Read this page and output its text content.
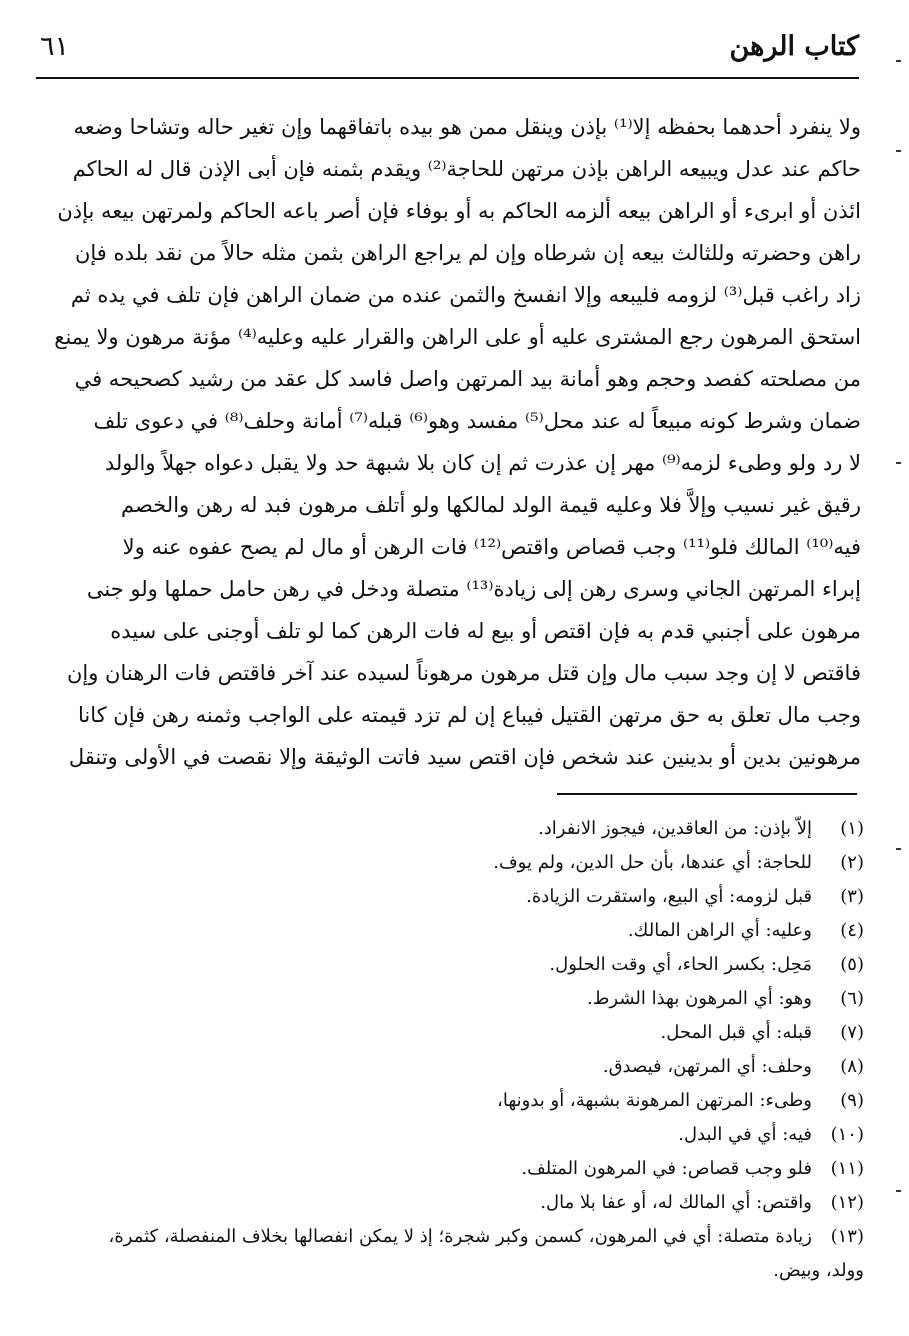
٦١	كتاب الرهن
ولا ينفرد أحدهما بحفظه إلا⁽¹⁾ بإذن وينقل ممن هو بيده باتفاقهما وإن تغير حاله وتشاحا وضعه
حاكم عند عدل ويبيعه الراهن بإذن مرتهن للحاجة⁽²⁾ ويقدم بثمنه فإن أبى الإذن قال له الحاكم
ائذن أو ابرىء أو الراهن بيعه ألزمه الحاكم به أو بوفاء فإن أصر باعه الحاكم ولمرتهن بيعه بإذن
راهن وحضرته وللثالث بيعه إن شرطاه وإن لم يراجع الراهن بثمن مثله حالاً من نقد بلده فإن
زاد راغب قبل⁽³⁾ لزومه فليبعه وإلا انفسخ والثمن عنده من ضمان الراهن فإن تلف في يده ثم
استحق المرهون رجع المشترى عليه أو على الراهن والقرار عليه وعليه⁽⁴⁾ مؤنة مرهون ولا يمنع
من مصلحته كفصد وحجم وهو أمانة بيد المرتهن واصل فاسد كل عقد من رشيد كصحيحه في
ضمان وشرط كونه مبيعاً له عند محل⁽⁵⁾ مفسد وهو⁽⁶⁾ قبله⁽⁷⁾ أمانة وحلف⁽⁸⁾ في دعوى تلف
لا رد ولو وطىء لزمه⁽⁹⁾ مهر إن عذرت ثم إن كان بلا شبهة حد ولا يقبل دعواه جهلاً والولد
رقيق غير نسيب وإلاَّ فلا وعليه قيمة الولد لمالكها ولو أتلف مرهون فبد له رهن والخصم
فيه⁽¹⁰⁾ المالك فلو⁽¹¹⁾ وجب قصاص واقتص⁽¹²⁾ فات الرهن أو مال لم يصح عفوه عنه ولا
إبراء المرتهن الجاني وسرى رهن إلى زيادة⁽¹³⁾ متصلة ودخل في رهن حامل حملها ولو جنى
مرهون على أجنبي قدم به فإن اقتص أو بيع له فات الرهن كما لو تلف أوجنى على سيده
فاقتص لا إن وجد سبب مال وإن قتل مرهون مرهوناً لسيده عند آخر فاقتص فات الرهنان وإن
وجب مال تعلق به حق مرتهن القتيل فيباع إن لم تزد قيمته على الواجب وثمنه رهن فإن كانا
مرهونين بدين أو بدينين عند شخص فإن اقتص سيد فاتت الوثيقة وإلا نقصت في الأولى وتنقل
(١)
إلاّ بإذن: من العاقدين، فيجوز الانفراد.
(٢)
للحاجة: أي عندها، بأن حل الدين، ولم يوف.
(٣)
قبل لزومه: أي البيع، واستقرت الزيادة.
(٤)
وعليه: أي الراهن المالك.
(٥)
مَحِل: بكسر الحاء، أي وقت الحلول.
(٦)
وهو: أي المرهون بهذا الشرط.
(٧)
قبله: أي قبل المحل.
(٨)
وحلف: أي المرتهن، فيصدق.
(٩)
وطىء: المرتهن المرهونة بشبهة، أو بدونها،
(١٠)
فيه: أي في البدل.
(١١)
فلو وجب قصاص: في المرهون المتلف.
(١٢)
واقتص: أي المالك له، أو عفا بلا مال.
(١٣)
زيادة متصلة: أي في المرهون، كسمن وكبر شجرة؛ إذ لا يمكن انفصالها بخلاف المنفصلة، كثمرة،
وولد، وبيض.
